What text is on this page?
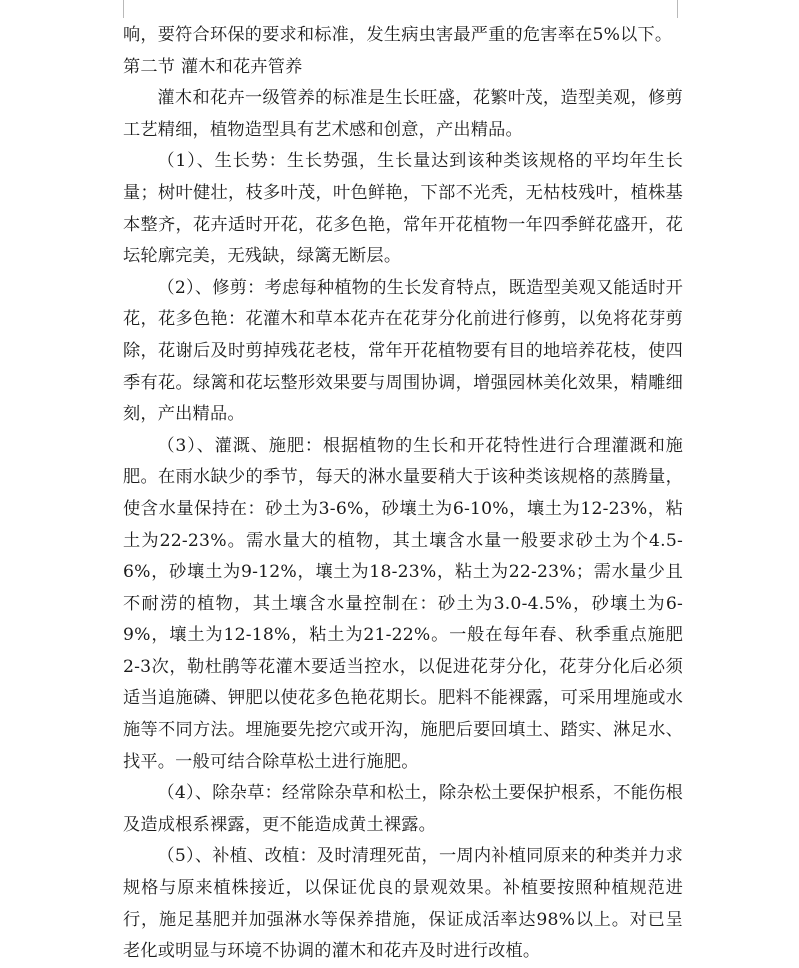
响，要符合环保的要求和标准，发生病虫害最严重的危害率在5%以下。

第二节 灌木和花卉管养

灌木和花卉一级管养的标准是生长旺盛，花繁叶茂，造型美观，修剪工艺精细，植物造型具有艺术感和创意，产出精品。

（1）、生长势：生长势强，生长量达到该种类该规格的平均年生长量；树叶健壮，枝多叶茂，叶色鲜艳，下部不光秃，无枯枝残叶，植株基本整齐，花卉适时开花，花多色艳，常年开花植物一年四季鲜花盛开，花坛轮廓完美，无残缺，绿篱无断层。

（2）、修剪：考虑每种植物的生长发育特点，既造型美观又能适时开花，花多色艳：花灌木和草本花卉在花芽分化前进行修剪，以免将花芽剪除，花谢后及时剪掉残花老枝，常年开花植物要有目的地培养花枝，使四季有花。绿篱和花坛整形效果要与周围协调，增强园林美化效果，精雕细刻，产出精品。

（3）、灌溉、施肥：根据植物的生长和开花特性进行合理灌溉和施肥。在雨水缺少的季节，每天的淋水量要稍大于该种类该规格的蒸腾量，使含水量保持在：砂土为3-6%，砂壤土为6-10%，壤土为12-23%，粘土为22-23%。需水量大的植物，其土壤含水量一般要求砂土为个4.5-6%，砂壤土为9-12%，壤土为18-23%，粘土为22-23%；需水量少且不耐涝的植物，其土壤含水量控制在：砂土为3.0-4.5%，砂壤土为6-9%，壤土为12-18%，粘土为21-22%。一般在每年春、秋季重点施肥2-3次，勒杜鹃等花灌木要适当控水，以促进花芽分化，花芽分化后必须适当追施磷、钾肥以使花多色艳花期长。肥料不能裸露，可采用埋施或水施等不同方法。埋施要先挖穴或开沟，施肥后要回填土、踏实、淋足水、找平。一般可结合除草松土进行施肥。

（4）、除杂草：经常除杂草和松土，除杂松土要保护根系，不能伤根及造成根系裸露，更不能造成黄土裸露。

（5）、补植、改植：及时清理死苗，一周内补植同原来的种类并力求规格与原来植株接近，以保证优良的景观效果。补植要按照种植规范进行，施足基肥并加强淋水等保养措施，保证成活率达98%以上。对已呈老化或明显与环境不协调的灌木和花卉及时进行改植。
